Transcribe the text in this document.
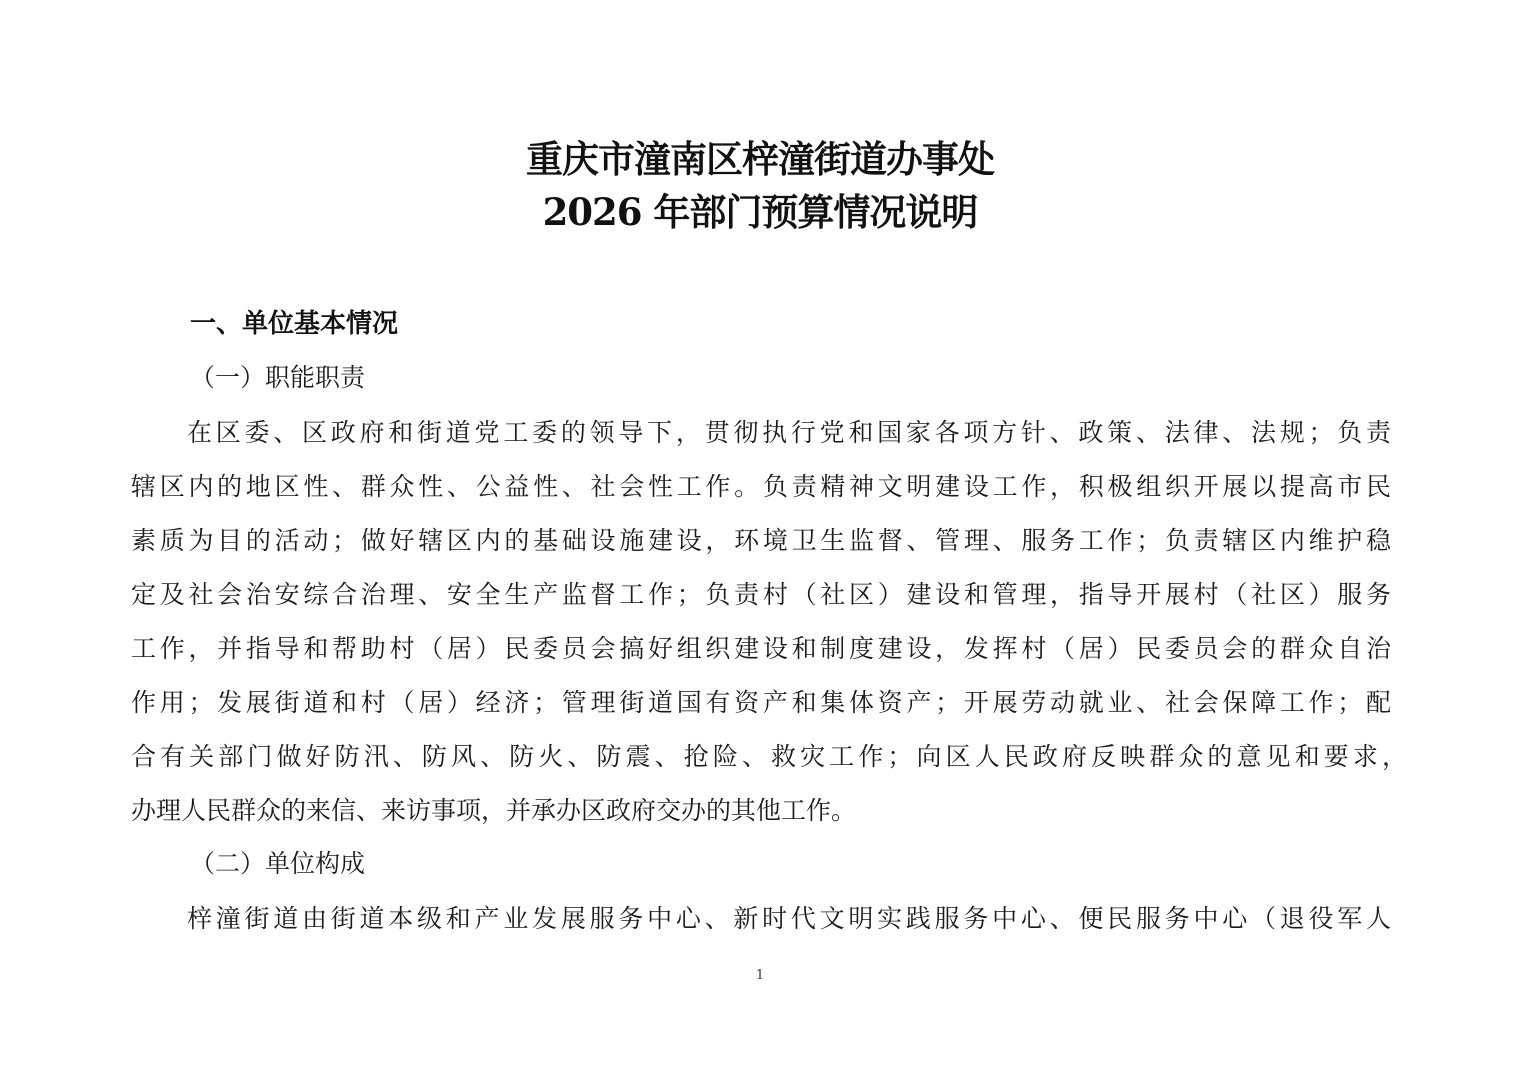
重庆市潼南区梓潼街道办事处
2026 年部门预算情况说明
一、单位基本情况
（一）职能职责
在区委、区政府和街道党工委的领导下，贯彻执行党和国家各项方针、政策、法律、法规；负责
辖区内的地区性、群众性、公益性、社会性工作。负责精神文明建设工作，积极组织开展以提高市民
素质为目的活动；做好辖区内的基础设施建设，环境卫生监督、管理、服务工作；负责辖区内维护稳
定及社会治安综合治理、安全生产监督工作；负责村（社区）建设和管理，指导开展村（社区）服务
工作，并指导和帮助村（居）民委员会搞好组织建设和制度建设，发挥村（居）民委员会的群众自治
作用；发展街道和村（居）经济；管理街道国有资产和集体资产；开展劳动就业、社会保障工作；配
合有关部门做好防汛、防风、防火、防震、抢险、救灾工作；向区人民政府反映群众的意见和要求，
办理人民群众的来信、来访事项，并承办区政府交办的其他工作。
（二）单位构成
梓潼街道由街道本级和产业发展服务中心、新时代文明实践服务中心、便民服务中心（退役军人
1
